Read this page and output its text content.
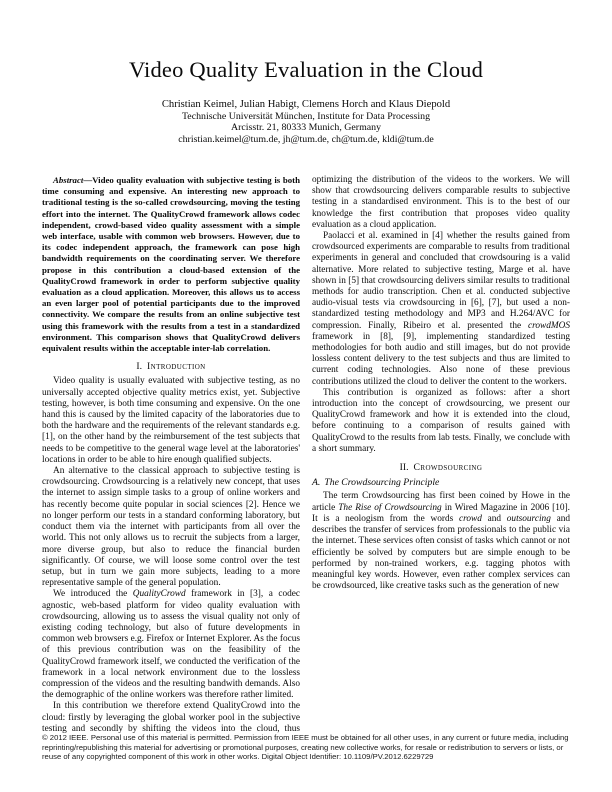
Video Quality Evaluation in the Cloud
Christian Keimel, Julian Habigt, Clemens Horch and Klaus Diepold
Technische Universität München, Institute for Data Processing
Arcisstr. 21, 80333 Munich, Germany
christian.keimel@tum.de, jh@tum.de, ch@tum.de, kldi@tum.de

Abstract—Video quality evaluation with subjective testing is both time consuming and expensive. An interesting new approach to traditional testing is the so-called crowdsourcing, moving the testing effort into the internet. The QualityCrowd framework allows codec independent, crowd-based video quality assessment with a simple web interface, usable with common web browsers. However, due to its codec independent approach, the framework can pose high bandwidth requirements on the coordinating server. We therefore propose in this contribution a cloud-based extension of the QualityCrowd framework in order to perform subjective quality evaluation as a cloud application. Moreover, this allows us to access an even larger pool of potential participants due to the improved connectivity. We compare the results from an online subjective test using this framework with the results from a test in a standardized environment. This comparison shows that QualityCrowd delivers equivalent results within the acceptable inter-lab correlation.

I. Introduction

Video quality is usually evaluated with subjective testing, as no universally accepted objective quality metrics exist, yet. Subjective testing, however, is both time consuming and expensive. On the one hand this is caused by the limited capacity of the laboratories due to both the hardware and the requirements of the relevant standards e.g. [1], on the other hand by the reimbursement of the test subjects that needs to be competitive to the general wage level at the laboratories' locations in order to be able to hire enough qualified subjects.

An alternative to the classical approach to subjective testing is crowdsourcing. Crowdsourcing is a relatively new concept, that uses the internet to assign simple tasks to a group of online workers and has recently become quite popular in social sciences [2]. Hence we no longer perform our tests in a standard conforming laboratory, but conduct them via the internet with participants from all over the world. This not only allows us to recruit the subjects from a larger, more diverse group, but also to reduce the financial burden significantly. Of course, we will loose some control over the test setup, but in turn we gain more subjects, leading to a more representative sample of the general population.

We introduced the QualityCrowd framework in [3], a codec agnostic, web-based platform for video quality evaluation with crowdsourcing, allowing us to assess the visual quality not only of existing coding technology, but also of future developments in common web browsers e.g. Firefox or Internet Explorer. As the focus of this previous contribution was on the feasibility of the QualityCrowd framework itself, we conducted the verification of the framework in a local network environment due to the lossless compression of the videos and the resulting bandwith demands. Also the demographic of the online workers was therefore rather limited.

In this contribution we therefore extend QualityCrowd into the cloud: firstly by leveraging the global worker pool in the subjective testing and secondly by shifting the videos into the cloud, thus optimizing the distribution of the videos to the workers. We will show that crowdsourcing delivers comparable results to subjective testing in a standardised environment. This is to the best of our knowledge the first contribution that proposes video quality evaluation as a cloud application.

Paolacci et al. examined in [4] whether the results gained from crowdsourced experiments are comparable to results from traditional experiments in general and concluded that crowdsouring is a valid alternative. More related to subjective testing, Marge et al. have shown in [5] that crowdsourcing delivers similar results to traditional methods for audio transcription. Chen et al. conducted subjective audio-visual tests via crowdsourcing in [6], [7], but used a non-standardized testing methodology and MP3 and H.264/AVC for compression. Finally, Ribeiro et al. presented the crowdMOS framework in [8], [9], implementing standardized testing methodologies for both audio and still images, but do not provide lossless content delivery to the test subjects and thus are limited to current coding technologies. Also none of these previous contributions utilized the cloud to deliver the content to the workers.

This contribution is organized as follows: after a short introduction into the concept of crowdsourcing, we present our QualityCrowd framework and how it is extended into the cloud, before continuing to a comparison of results gained with QualityCrowd to the results from lab tests. Finally, we conclude with a short summary.

II. Crowdsourcing
A. The Crowdsourcing Principle

The term Crowdsourcing has first been coined by Howe in the article The Rise of Crowdsourcing in Wired Magazine in 2006 [10]. It is a neologism from the words crowd and outsourcing and describes the transfer of services from professionals to the public via the internet. These services often consist of tasks which cannot or not efficiently be solved by computers but are simple enough to be performed by non-trained workers, e.g. tagging photos with meaningful key words. However, even rather complex services can be crowdsourced, like creative tasks such as the generation of new

© 2012 IEEE. Personal use of this material is permitted. Permission from IEEE must be obtained for all other uses, in any current or future media, including reprinting/republishing this material for advertising or promotional purposes, creating new collective works, for resale or redistribution to servers or lists, or reuse of any copyrighted component of this work in other works. Digital Object Identifier: 10.1109/PV.2012.6229729
